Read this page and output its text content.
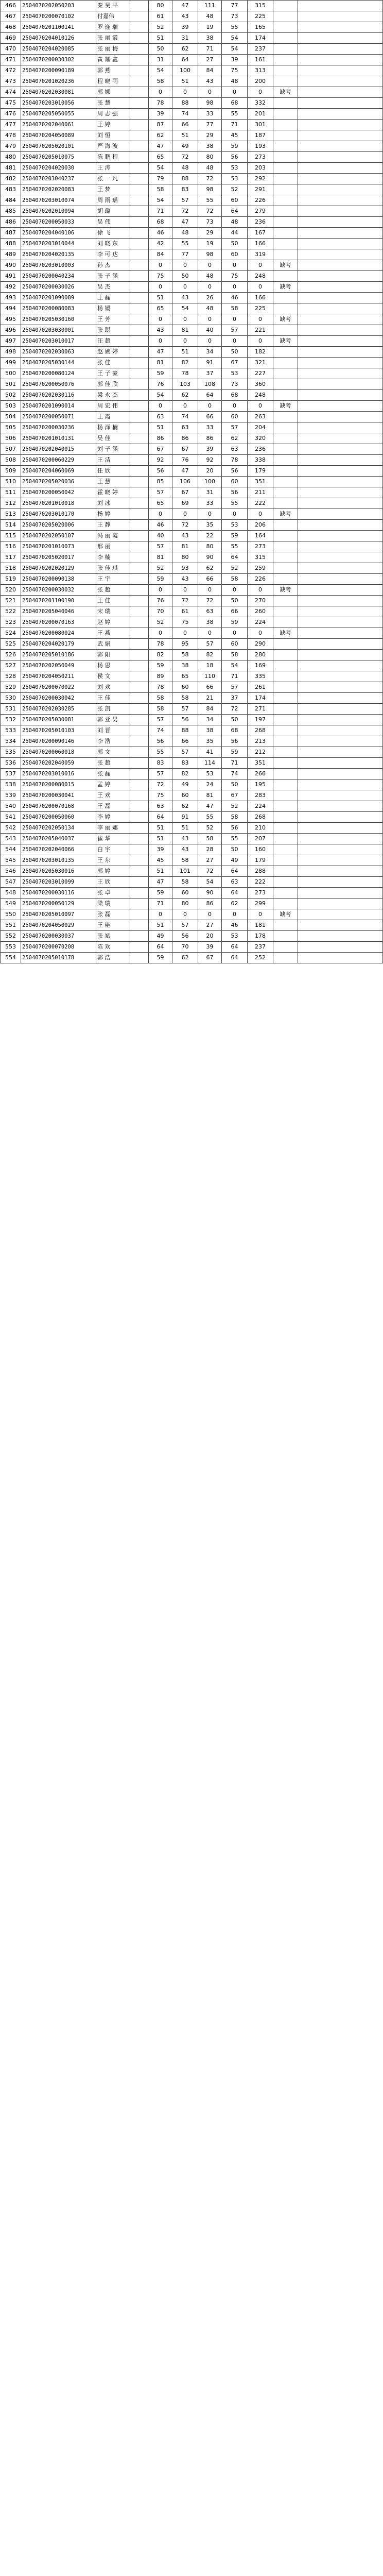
466	2504070202050203	秦 昊 平		80	47	111	77	315		
467	2504070200070102	付嘉伟		61	43	48	73	225		
468	2504070201100141	罗 逢 瑞		52	39	19	55	165		
469	2504070204010126	张 丽 霞		51	31	38	54	174		
470	2504070204020085	张 丽 梅		50	62	71	54	237		
471	2504070200030302	黄 耀 鑫		31	64	27	39	161		
472	2504070200090189	郭 燕		54	100	84	75	313		
473	2504070201020236	程 晓 雨		58	51	43	48	200		
474	2504070202030081	郭 娜		0	0	0	0	0	缺考	
475	2504070203010056	张 慧		78	88	98	68	332		
476	2504070205050055	周 志 强		39	74	33	55	201		
477	2504070202040061	王 婷		87	66	77	71	301		
478	2504070204050089	刘 恒		62	51	29	45	187		
479	2504070205020101	严 海 波		47	49	38	59	193		
480	2504070205010075	陈 鹏 程		65	72	80	56	273		
481	2504070204020030	王 涛		54	48	48	53	203		
482	2504070203040237	张 一 凡		79	88	72	53	292		
483	2504070202020083	王 梦		58	83	98	52	291		
484	2504070203010074	周 雨 瑶		54	57	55	60	226		
485	2504070202010094	胡 璐		71	72	72	64	279		
486	2504070200050033	吴 伟		68	47	73	48	236		
487	2504070204040106	徐 飞		46	48	29	44	167		
488	2504070203010044	刘 晓 东		42	55	19	50	166		
489	2504070204020135	李 可 达		84	77	98	60	319		
490	2504070203010003	孙 杰		0	0	0	0	0	缺考	
491	2504070200040234	张 子 涵		75	50	48	75	248		
492	2504070200030026	吴 杰		0	0	0	0	0	缺考	
493	2504070201090089	王 磊		51	43	26	46	166		
494	2504070200080083	杨 媛		65	54	48	58	225		
495	2504070205030160	王 芳		0	0	0	0	0	缺考	
496	2504070203030001	张 聪		43	81	40	57	221		
497	2504070203010017	汪 超		0	0	0	0	0	缺考	
498	2504070202030063	赵 婉 婷		47	51	34	50	182		
499	2504070205030144	张 佳		81	82	91	67	321		
500	2504070200080124	王 子 豪		59	78	37	53	227		
501	2504070200050076	郭 佳 欣		76	103	108	73	360		
502	2504070202030116	梁 永 杰		54	62	64	68	248		
503	2504070201090014	周 宏 伟		0	0	0	0	0	缺考	
504	2504070200050071	王 霞		63	74	66	60	263		
505	2504070200030236	杨 泽 楠		51	63	33	57	204		
506	2504070201010131	吴 佳		86	86	86	62	320		
507	2504070202040015	刘 子 涵		67	67	39	63	236		
508	2504070200060229	王 洁		92	76	92	78	338		
509	2504070204060069	任 欣		56	47	20	56	179		
510	2504070205020036	王 慧		85	106	100	60	351		
511	2504070200050042	霍 晓 婷		57	67	31	56	211		
512	2504070201010018	刘 冰		65	69	33	55	222		
513	2504070203010170	杨 婷		0	0	0	0	0	缺考	
514	2504070205020006	王 静		46	72	35	53	206		
515	2504070202050107	冯 丽 霞		40	43	22	59	164		
516	2504070201010073	邢 丽		57	81	80	55	273		
517	2504070205020017	李 楠		81	80	90	64	315		
518	2504070202020129	张 佳 琪		52	93	62	52	259		
519	2504070200090138	王 宇		59	43	66	58	226		
520	2504070200030032	张 超		0	0	0	0	0	缺考	
521	2504070201100190	王 佳		76	72	72	50	270		
522	2504070205040046	宋 瑞		70	61	63	66	260		
523	2504070200070163	赵 婷		52	75	38	59	224		
524	2504070200080024	王 燕		0	0	0	0	0	缺考	
525	2504070204020179	武 娟		78	95	57	60	290		
526	2504070205010186	郭 阳		82	58	82	58	280		
527	2504070202050049	杨 思		59	38	18	54	169		
528	2504070204050211	侯 文		89	65	110	71	335		
529	2504070200070022	刘 欢		78	60	66	57	261		
530	2504070200030042	王 佳		58	58	21	37	174		
531	2504070202030285	张 凯		58	57	84	72	271		
532	2504070205030081	郭 亚 男		57	56	34	50	197		
533	2504070205010103	刘 晋		74	88	38	68	268		
534	2504070200090146	李 浩		56	66	35	56	213		
535	2504070200060018	郭 文		55	57	41	59	212		
536	2504070202040059	张 超		83	83	114	71	351		
537	2504070203010016	张 磊		57	82	53	74	266		
538	2504070200080015	孟 婷		72	49	24	50	195		
539	2504070200030041	王 欢		75	60	81	67	283		
540	2504070200070168	王 磊		63	62	47	52	224		
541	2504070200050060	李 婷		64	91	55	58	268		
542	2504070202050134	李 丽 娜		51	51	52	56	210		
543	2504070205040037	崔 华		51	43	58	55	207		
544	2504070202040066	白 宇		39	43	28	50	160		
545	2504070203010135	王 东		45	58	27	49	179		
546	2504070205030016	郭 婷		51	101	72	64	288		
547	2504070203010099	王 欣		47	58	54	63	222		
548	2504070200030116	张 卓		59	60	90	64	273		
549	2504070200050129	梁 瑞		71	80	86	62	299		
550	2504070205010097	张 磊		0	0	0	0	0	缺考	
551	2504070204050029	王 艳		51	57	27	46	181		
552	2504070200030037	张 斌		49	56	20	53	178		
553	2504070200070208	陈 欢		64	70	39	64	237		
554	2504070205010178	郭 浩		59	62	67	64	252		
